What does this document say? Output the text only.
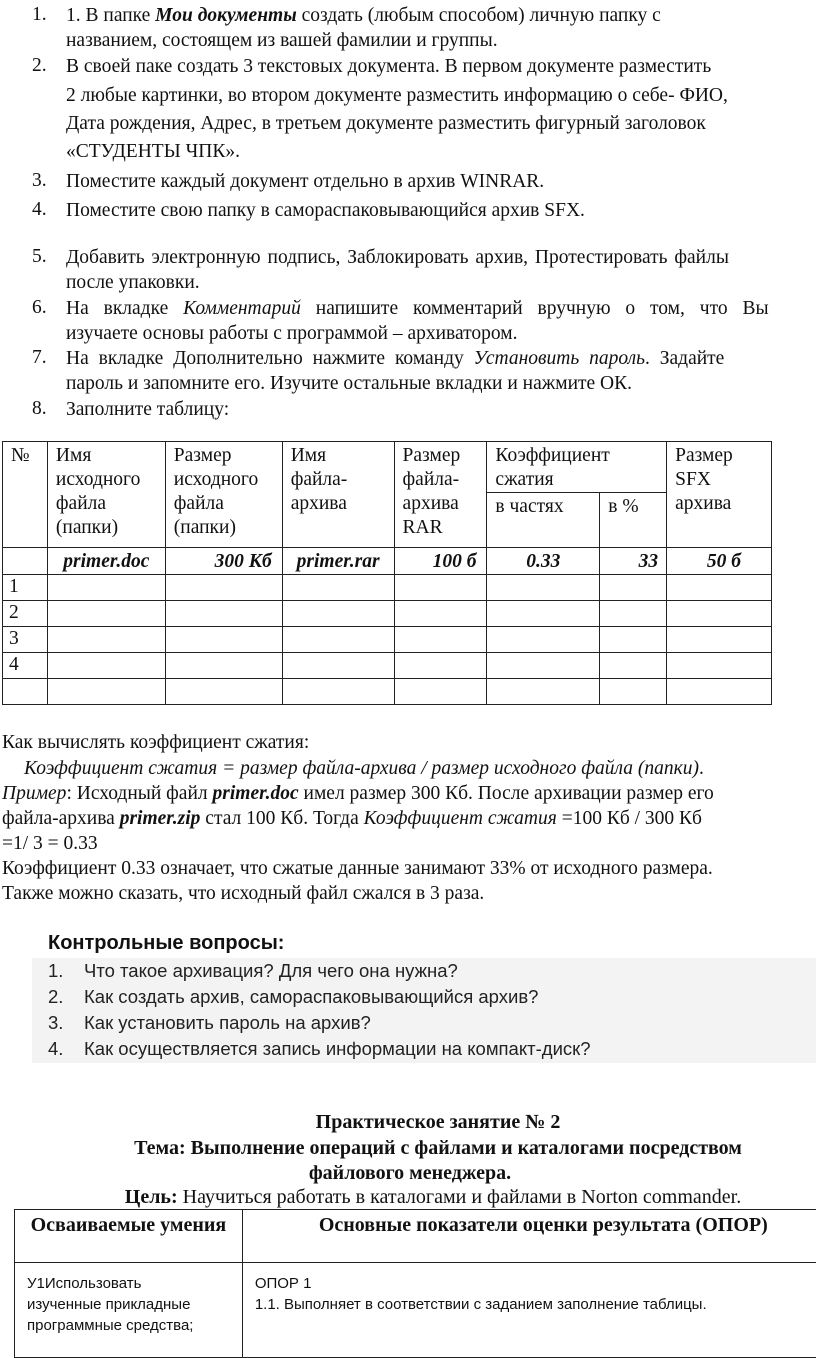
1. 1. В папке Мои документы создать (любым способом) личную папку с
названием, состоящем из вашей фамилии и группы.
2. В своей паке создать 3 текстовых документа. В первом документе разместить
2 любые картинки, во втором документе разместить информацию о себе- ФИО,
Дата рождения, Адрес, в третьем документе разместить фигурный заголовок
«СТУДЕНТЫ ЧПК».
3. Поместите каждый документ отдельно в архив WINRAR.
4. Поместите свою папку в самораспаковывающийся архив SFX.
5. Добавить электронную подпись, Заблокировать архив, Протестировать файлы
после упаковки.
6. На вкладке Комментарий напишите комментарий вручную о том, что Вы
изучаете основы работы с программой – архиватором.
7. На вкладке Дополнительно нажмите команду Установить пароль. Задайте
пароль и запомните его. Изучите остальные вкладки и нажмите ОК.
8. Заполните таблицу:
№	Имя
исходного
файла
(папки)	Размер
исходного
файла
(папки)	Имя
файла-
архива	Размер
файла-
архива
RAR	Коэффициент
сжатия		Размер
SFX
архива
					в частях	в %	
	primer.doc	300 Кб	primer.rar	100 б	0.33	33	50 б
1							
2							
3							
4							

Как вычислять коэффициент сжатия:
Коэффициент сжатия = размер файла-архива / размер исходного файла (папки).
Пример: Исходный файл primer.doc имел размер 300 Кб. После архивации размер его
файла-архива primer.zip стал 100 Кб. Тогда Коэффициент сжатия =100 Кб / 300 Кб
=1/ 3 = 0.33
Коэффициент 0.33 означает, что сжатые данные занимают 33% от исходного размера.
Также можно сказать, что исходный файл сжался в 3 раза.
Контрольные вопросы:
1. Что такое архивация? Для чего она нужна?
2. Как создать архив, самораспаковывающийся архив?
3. Как установить пароль на архив?
4. Как осуществляется запись информации на компакт-диск?
Практическое занятие № 2
Тема: Выполнение операций с файлами и каталогами посредством
файлового менеджера.
Цель: Научиться работать в каталогами и файлами в Norton commander.
Осваиваемые умения	Основные показатели оценки результата (ОПОР)
У1Использовать
изученные прикладные
программные средства;	ОПОР 1
1.1. Выполняет в соответствии с заданием заполнение таблицы.
